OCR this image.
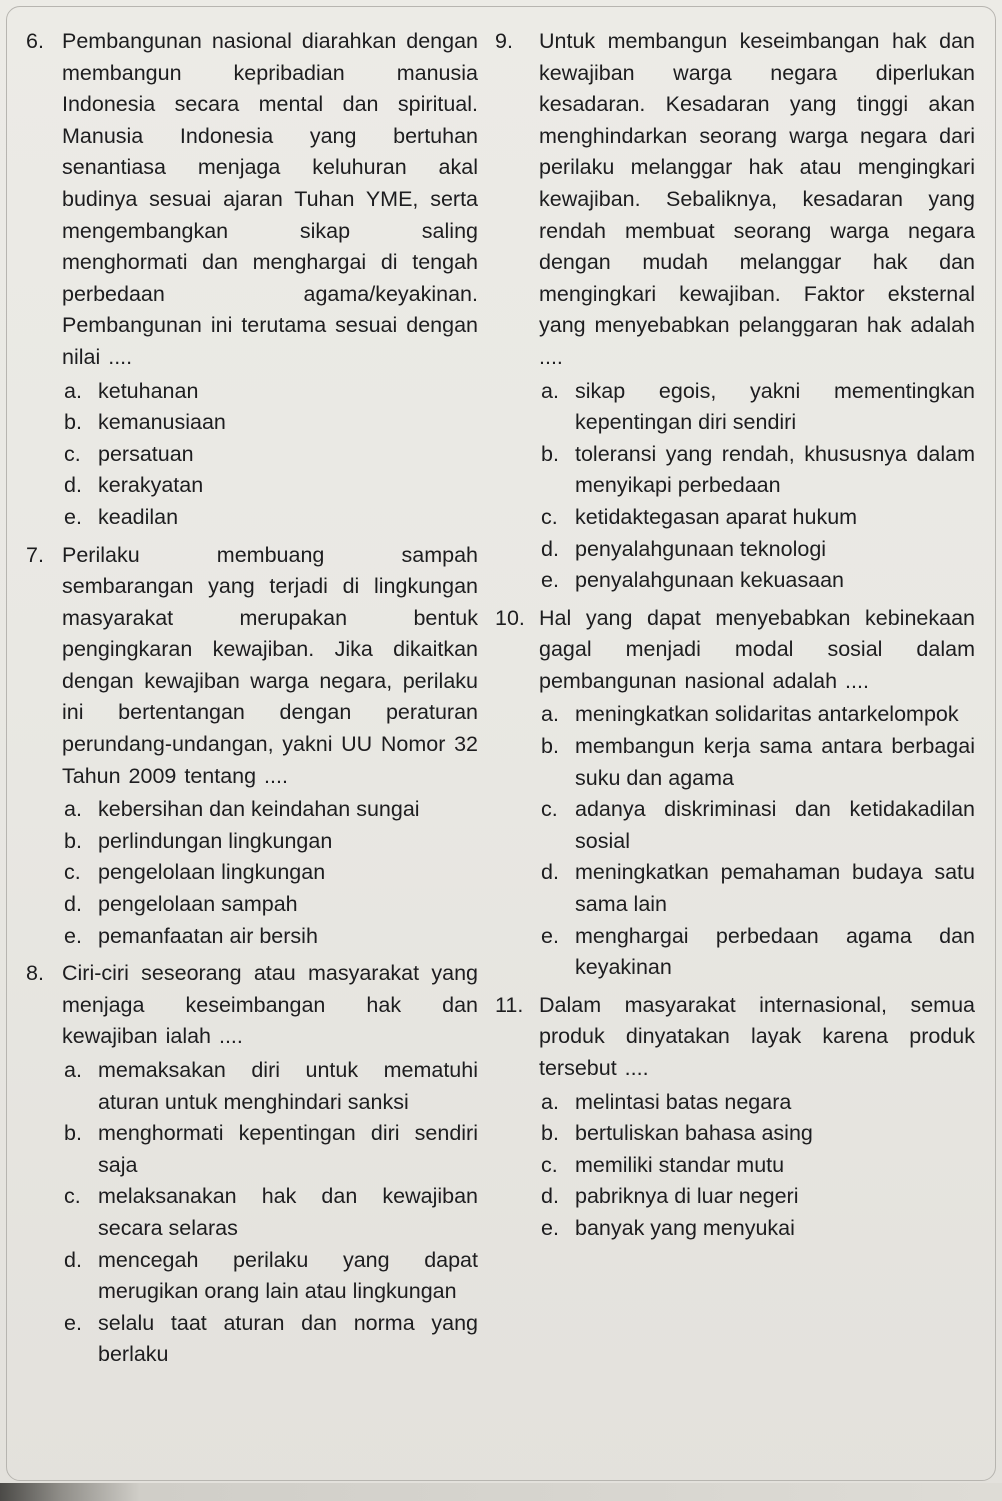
6. Pembangunan nasional diarahkan dengan membangun kepribadian manusia Indonesia secara mental dan spiritual. Manusia Indonesia yang bertuhan senantiasa menjaga keluhuran akal budinya sesuai ajaran Tuhan YME, serta mengembangkan sikap saling menghormati dan menghargai di tengah perbedaan agama/keyakinan. Pembangunan ini terutama sesuai dengan nilai ....
a. ketuhanan
b. kemanusiaan
c. persatuan
d. kerakyatan
e. keadilan
7. Perilaku membuang sampah sembarangan yang terjadi di lingkungan masyarakat merupakan bentuk pengingkaran kewajiban. Jika dikaitkan dengan kewajiban warga negara, perilaku ini bertentangan dengan peraturan perundang-undangan, yakni UU Nomor 32 Tahun 2009 tentang ....
a. kebersihan dan keindahan sungai
b. perlindungan lingkungan
c. pengelolaan lingkungan
d. pengelolaan sampah
e. pemanfaatan air bersih
8. Ciri-ciri seseorang atau masyarakat yang menjaga keseimbangan hak dan kewajiban ialah ....
a. memaksakan diri untuk mematuhi aturan untuk menghindari sanksi
b. menghormati kepentingan diri sendiri saja
c. melaksanakan hak dan kewajiban secara selaras
d. mencegah perilaku yang dapat merugikan orang lain atau lingkungan
e. selalu taat aturan dan norma yang berlaku
9.	Untuk membangun keseimbangan hak dan kewajiban warga negara diperlukan kesadaran. Kesadaran yang tinggi akan menghindarkan seorang warga negara dari perilaku melanggar hak atau mengingkari kewajiban. Sebaliknya, kesadaran yang rendah membuat seorang warga negara dengan mudah melanggar hak dan mengingkari kewajiban. Faktor eksternal yang menyebabkan pelanggaran hak adalah ....
a. sikap egois, yakni mementingkan kepentingan diri sendiri
b. toleransi yang rendah, khususnya dalam menyikapi perbedaan
c. ketidaktegasan aparat hukum
d. penyalahgunaan teknologi
e. penyalahgunaan kekuasaan
10. Hal yang dapat menyebabkan kebinekaan gagal menjadi modal sosial dalam pembangunan nasional adalah ....
a. meningkatkan solidaritas antarkelompok
b. membangun kerja sama antara berbagai suku dan agama
c. adanya diskriminasi dan ketidakadilan sosial
d. meningkatkan pemahaman budaya satu sama lain
e. menghargai perbedaan agama dan keyakinan
11. Dalam masyarakat internasional, semua produk dinyatakan layak karena produk tersebut ....
a. melintasi batas negara
b. bertuliskan bahasa asing
c. memiliki standar mutu
d. pabriknya di luar negeri
e. banyak yang menyukai
